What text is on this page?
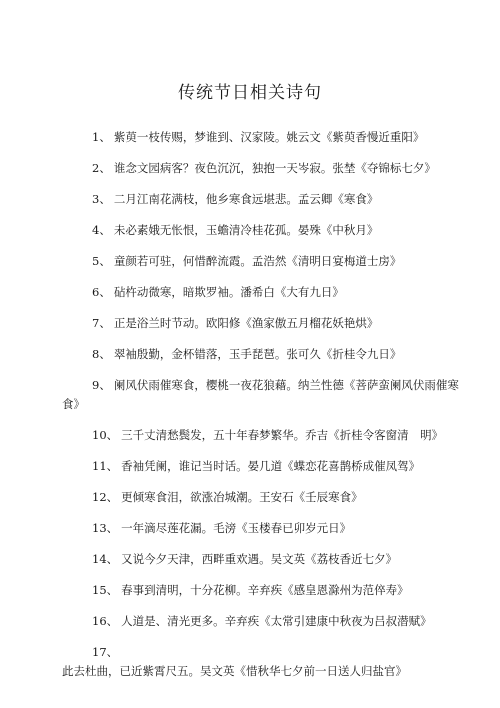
传统节日相关诗句
1、 紫萸一枝传赐，梦谁到、汉家陵。姚云文《紫萸香慢近重阳》
2、 谁念文园病客？夜色沉沉，独抱一天岑寂。张埜《夺锦标七夕》
3、 二月江南花满枝，他乡寒食远堪悲。孟云卿《寒食》
4、 未必素娥无怅恨，玉蟾清冷桂花孤。晏殊《中秋月》
5、 童颜若可驻，何惜醉流霞。孟浩然《清明日宴梅道士房》
6、 砧杵动微寒，暗欺罗袖。潘希白《大有九日》
7、 正是浴兰时节动。欧阳修《渔家傲五月榴花妖艳烘》
8、 翠袖殷勤，金杯错落，玉手琵琶。张可久《折桂令九日》
9、 阑风伏雨催寒食，樱桃一夜花狼藉。纳兰性德《菩萨蛮阑风伏雨催寒食》
10、 三千丈清愁鬓发，五十年春梦繁华。乔吉《折桂令客窗清　明》
11、 香袖凭阑，谁记当时话。晏几道《蝶恋花喜鹊桥成催凤驾》
12、 更倾寒食泪，欲涨冶城潮。王安石《壬辰寒食》
13、 一年滴尽莲花漏。毛滂《玉楼春已卯岁元日》
14、 又说今夕天津，西畔重欢遇。吴文英《荔枝香近七夕》
15、 春事到清明，十分花柳。辛弃疾《感皇恩滁州为范倅寿》
16、 人道是、清光更多。辛弃疾《太常引建康中秋夜为吕叔潜赋》
17、此去杜曲，已近紫霄尺五。吴文英《惜秋华七夕前一日送人归盐官》
